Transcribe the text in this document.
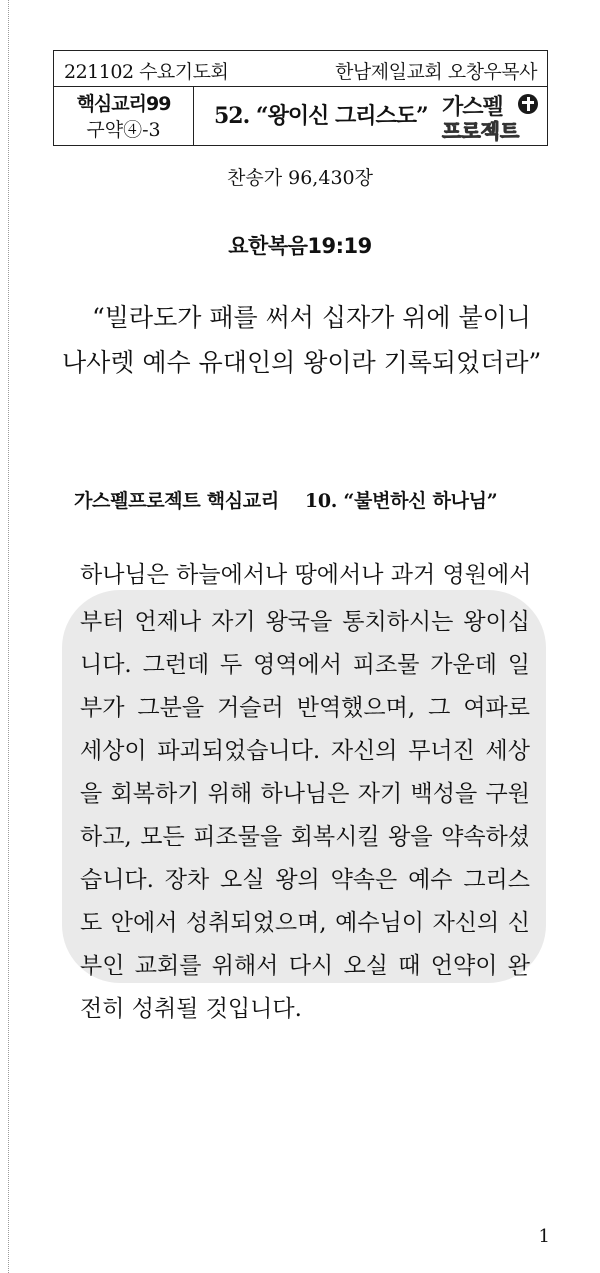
221102 수요기도회	한남제일교회 오창우목사
핵심교리99
구약④-3
52. “왕이신 그리스도” 가스펠
프로젝트
찬송가 96,430장
요한복음19:19
“빌라도가 패를 써서 십자가 위에 붙이니
나사렛 예수 유대인의 왕이라 기록되었더라”
가스펠프로젝트 핵심교리 10. “불변하신 하나님”
하나님은 하늘에서나 땅에서나 과거 영원에서
부터 언제나 자기 왕국을 통치하시는 왕이십
니다. 그런데 두 영역에서 피조물 가운데 일
부가 그분을 거슬러 반역했으며, 그 여파로
세상이 파괴되었습니다. 자신의 무너진 세상
을 회복하기 위해 하나님은 자기 백성을 구원
하고, 모든 피조물을 회복시킬 왕을 약속하셨
습니다. 장차 오실 왕의 약속은 예수 그리스
도 안에서 성취되었으며, 예수님이 자신의 신
부인 교회를 위해서 다시 오실 때 언약이 완
전히 성취될 것입니다.
1
